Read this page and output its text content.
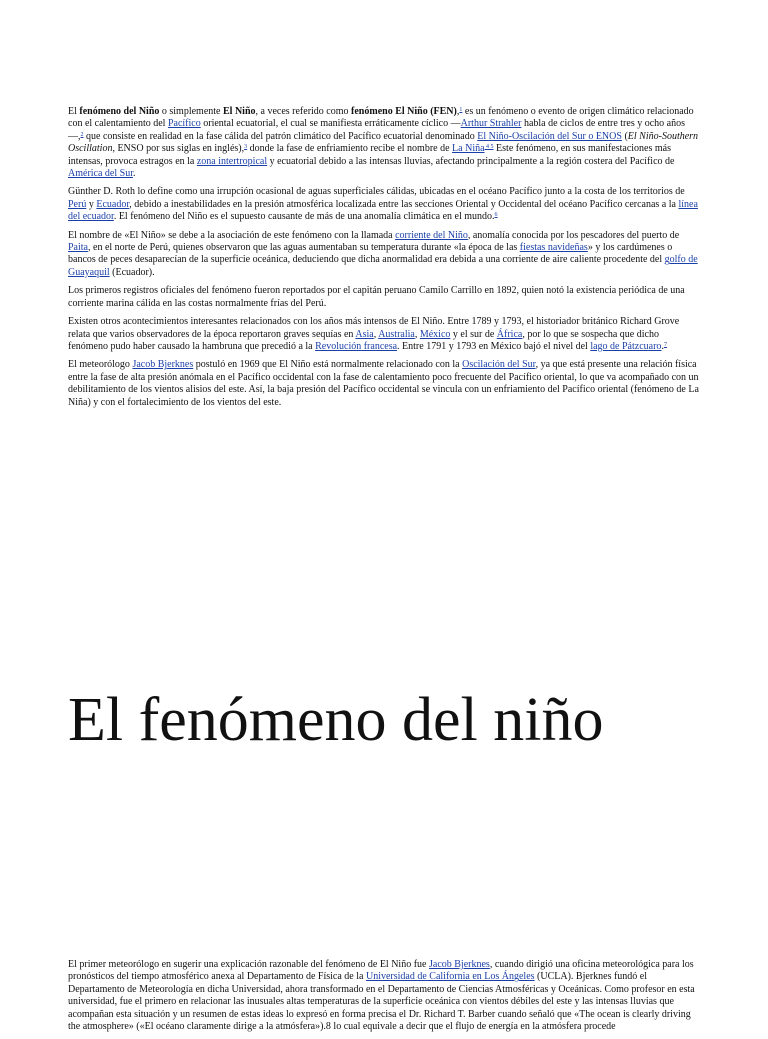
El fenómeno del Niño o simplemente El Niño, a veces referido como fenómeno El Niño (FEN),$^1$ es un fenómeno o evento de origen climático relacionado con el calentamiento del Pacífico oriental ecuatorial, el cual se manifiesta erráticamente cíclico —Arthur Strahler habla de ciclos de entre tres y ocho años—,$^2$ que consiste en realidad en la fase cálida del patrón climático del Pacífico ecuatorial denominado El Niño-Oscilación del Sur o ENOS (El Niño-Southern Oscillation, ENSO por sus siglas en inglés),$^3$ donde la fase de enfriamiento recibe el nombre de La Niña $^{4 5}$ Este fenómeno, en sus manifestaciones más intensas, provoca estragos en la zona intertropical y ecuatorial debido a las intensas lluvias, afectando principalmente a la región costera del Pacífico de América del Sur.

Günther D. Roth lo define como una irrupción ocasional de aguas superficiales cálidas, ubicadas en el océano Pacífico junto a la costa de los territorios de Perú y Ecuador, debido a inestabilidades en la presión atmosférica localizada entre las secciones Oriental y Occidental del océano Pacífico cercanas a la línea del ecuador. El fenómeno del Niño es el supuesto causante de más de una anomalía climática en el mundo.$^6$

El nombre de «El Niño» se debe a la asociación de este fenómeno con la llamada corriente del Niño, anomalía conocida por los pescadores del puerto de Paita, en el norte de Perú, quienes observaron que las aguas aumentaban su temperatura durante «la época de las fiestas navideñas» y los cardúmenes o bancos de peces desaparecían de la superficie oceánica, deduciendo que dicha anormalidad era debida a una corriente de aire caliente procedente del golfo de Guayaquil (Ecuador).

Los primeros registros oficiales del fenómeno fueron reportados por el capitán peruano Camilo Carrillo en 1892, quien notó la existencia periódica de una corriente marina cálida en las costas normalmente frías del Perú.

Existen otros acontecimientos interesantes relacionados con los años más intensos de El Niño. Entre 1789 y 1793, el historiador británico Richard Grove relata que varios observadores de la época reportaron graves sequías en Asia, Australia, México y el sur de África, por lo que se sospecha que dicho fenómeno pudo haber causado la hambruna que precedió a la Revolución francesa. Entre 1791 y 1793 en México bajó el nivel del lago de Pátzcuaro.$^7$

El meteorólogo Jacob Bjerknes postuló en 1969 que El Niño está normalmente relacionado con la Oscilación del Sur, ya que está presente una relación física entre la fase de alta presión anómala en el Pacífico occidental con la fase de calentamiento poco frecuente del Pacífico oriental, lo que va acompañado con un debilitamiento de los vientos alisios del este. Así, la baja presión del Pacífico occidental se vincula con un enfriamiento del Pacífico oriental (fenómeno de La Niña) y con el fortalecimiento de los vientos del este.

El fenómeno del niño

El primer meteorólogo en sugerir una explicación razonable del fenómeno de El Niño fue Jacob Bjerknes, cuando dirigió una oficina meteorológica para los pronósticos del tiempo atmosférico anexa al Departamento de Física de la Universidad de California en Los Ángeles (UCLA). Bjerknes fundó el Departamento de Meteorología en dicha Universidad, ahora transformado en el Departamento de Ciencias Atmosféricas y Oceánicas. Como profesor en esta universidad, fue el primero en relacionar las inusuales altas temperaturas de la superficie oceánica con vientos débiles del este y las intensas lluvias que acompañan esta situación y un resumen de estas ideas lo expresó en forma precisa el Dr. Richard T. Barber cuando señaló que «The ocean is clearly driving the atmosphere» («El océano claramente dirige a la atmósfera»).8 lo cual equivale a decir que el flujo de energía en la atmósfera procede
